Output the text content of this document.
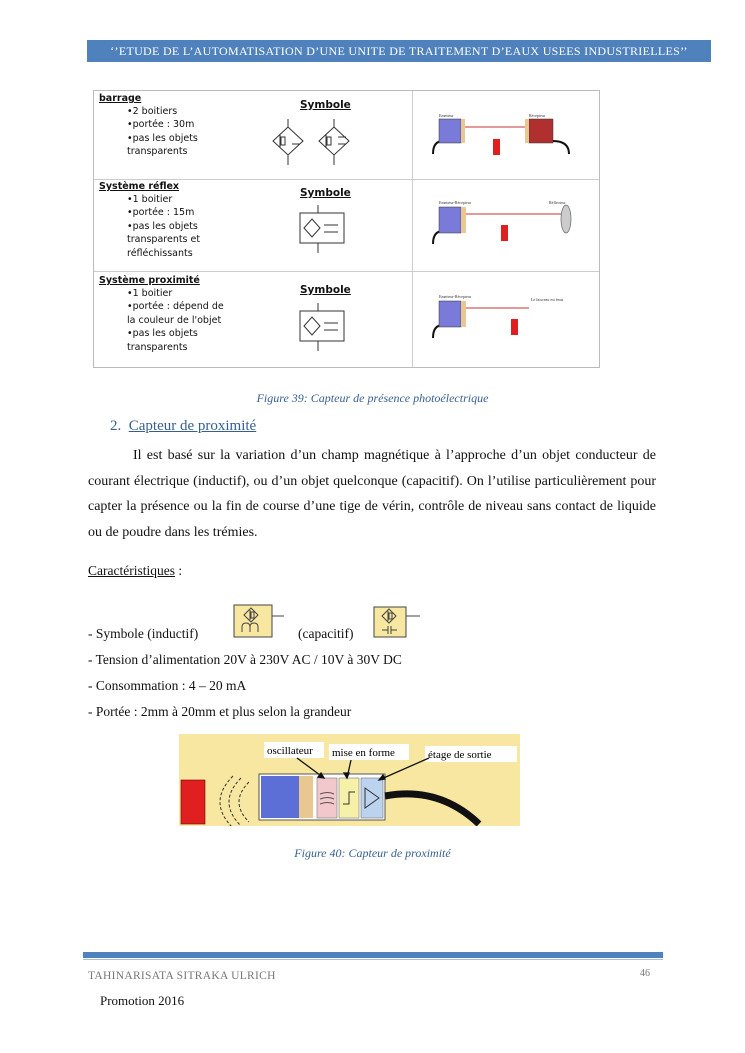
‘’ETUDE DE L’AUTOMATISATION D’UNE UNITE DE TRAITEMENT D’EAUX USEES INDUSTRIELLES’’
barrage
•2 boitiers
•portée : 30m
•pas les objets
transparents
Symbole
Emetteur	Récepteur
Système réflex
•1 boitier
•portée : 15m
•pas les objets
transparents et
réfléchissants
Symbole
Emetteur-Récepteur	Réflecteur
Système proximité
•1 boitier
•portée : dépend de
la couleur de l'objet
•pas les objets
transparents
Symbole
Emetteur-Récepteur
Le faisceau est émis
Figure 39: Capteur de présence photoélectrique
2. Capteur de proximité
Il est basé sur la variation d’un champ magnétique à l’approche d’un objet conducteur de courant électrique (inductif), ou d’un objet quelconque (capacitif). On l’utilise particulièrement pour capter la présence ou la fin de course d’une tige de vérin, contrôle de niveau sans contact de liquide ou de poudre dans les trémies.
Caractéristiques :
- Symbole (inductif)	(capacitif)
- Tension d’alimentation 20V à 230V AC / 10V à 30V DC
- Consommation : 4 – 20 mA
- Portée : 2mm à 20mm et plus selon la grandeur
oscillateur mise en forme	étage de sortie
Figure 40: Capteur de proximité
TAHINARISATA SITRAKA ULRICH	46
Promotion 2016
